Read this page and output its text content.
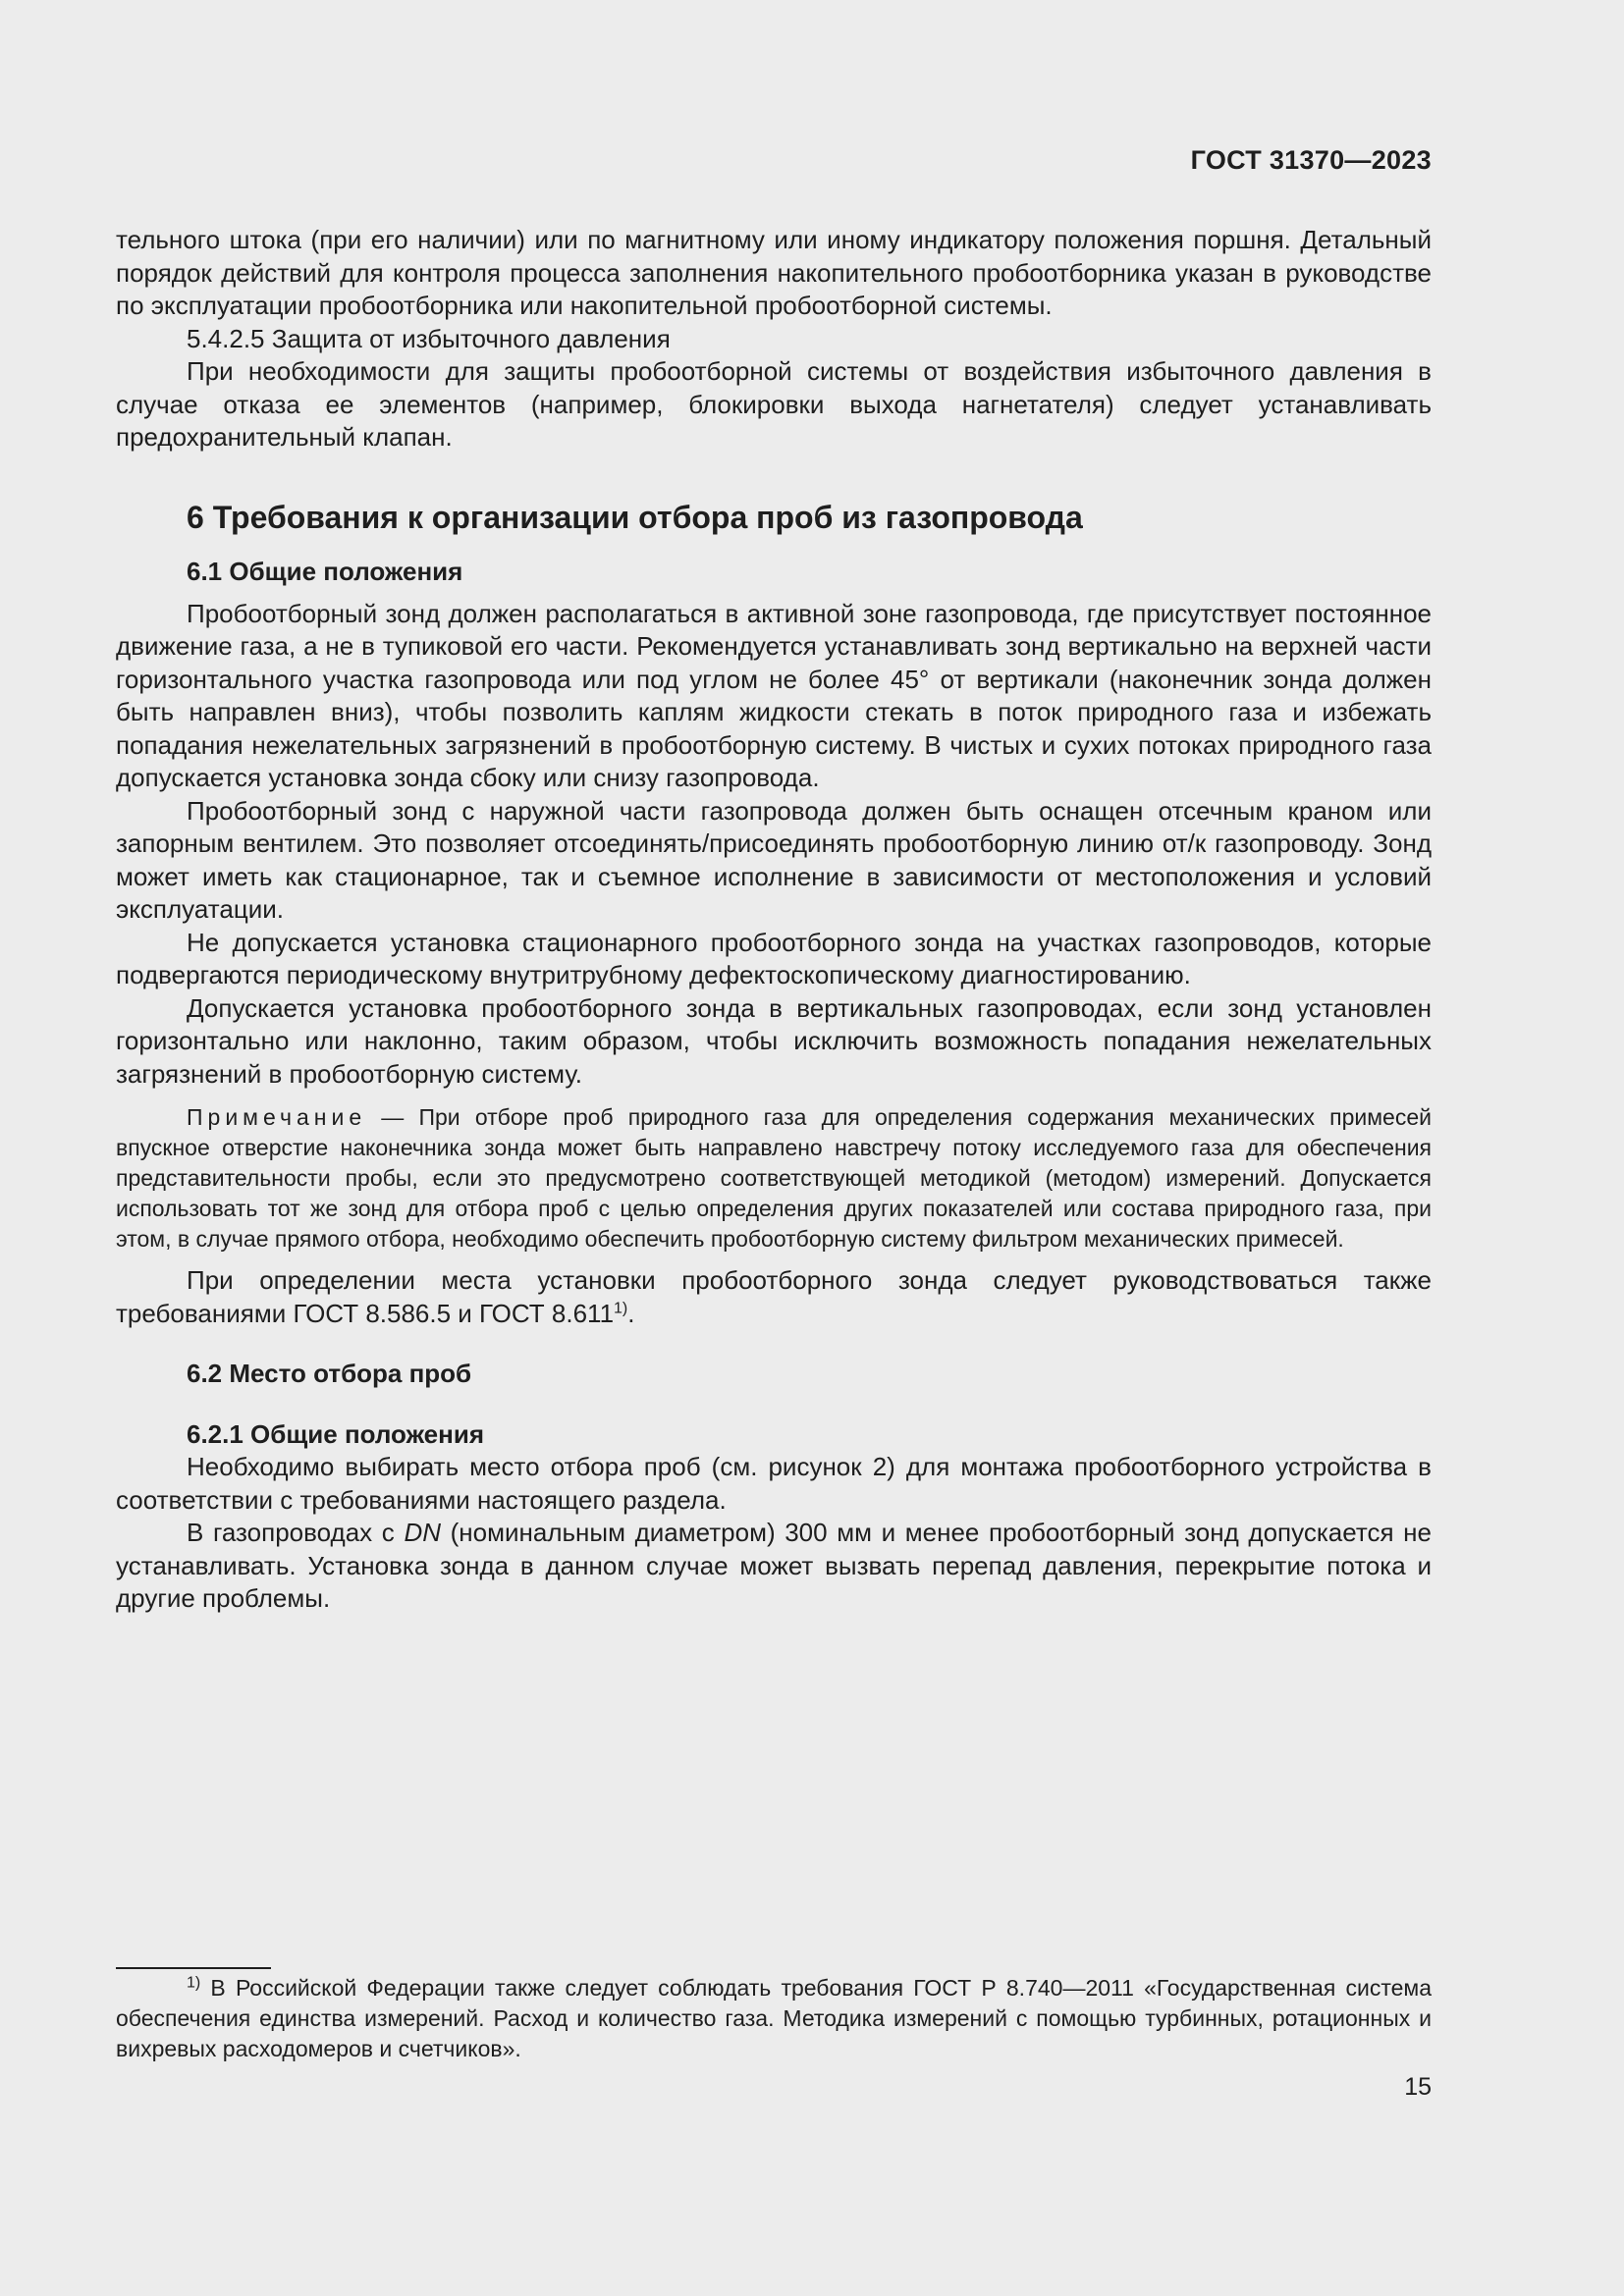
ГОСТ 31370—2023

тельного штока (при его наличии) или по магнитному или иному индикатору положения поршня. Детальный порядок действий для контроля процесса заполнения накопительного пробоотборника указан в руководстве по эксплуатации пробоотборника или накопительной пробоотборной системы.

5.4.2.5 Защита от избыточного давления

При необходимости для защиты пробоотборной системы от воздействия избыточного давления в случае отказа ее элементов (например, блокировки выхода нагнетателя) следует устанавливать предохранительный клапан.

6 Требования к организации отбора проб из газопровода
6.1 Общие положения

Пробоотборный зонд должен располагаться в активной зоне газопровода, где присутствует постоянное движение газа, а не в тупиковой его части. Рекомендуется устанавливать зонд вертикально на верхней части горизонтального участка газопровода или под углом не более 45° от вертикали (наконечник зонда должен быть направлен вниз), чтобы позволить каплям жидкости стекать в поток природного газа и избежать попадания нежелательных загрязнений в пробоотборную систему. В чистых и сухих потоках природного газа допускается установка зонда сбоку или снизу газопровода.

Пробоотборный зонд с наружной части газопровода должен быть оснащен отсечным краном или запорным вентилем. Это позволяет отсоединять/присоединять пробоотборную линию от/к газопроводу. Зонд может иметь как стационарное, так и съемное исполнение в зависимости от местоположения и условий эксплуатации.

Не допускается установка стационарного пробоотборного зонда на участках газопроводов, которые подвергаются периодическому внутритрубному дефектоскопическому диагностированию.

Допускается установка пробоотборного зонда в вертикальных газопроводах, если зонд установлен горизонтально или наклонно, таким образом, чтобы исключить возможность попадания нежелательных загрязнений в пробоотборную систему.

Примечание — При отборе проб природного газа для определения содержания механических примесей впускное отверстие наконечника зонда может быть направлено навстречу потоку исследуемого газа для обеспечения представительности пробы, если это предусмотрено соответствующей методикой (методом) измерений. Допускается использовать тот же зонд для отбора проб с целью определения других показателей или состава природного газа, при этом, в случае прямого отбора, необходимо обеспечить пробоотборную систему фильтром механических примесей.

При определении места установки пробоотборного зонда следует руководствоваться также требованиями ГОСТ 8.586.5 и ГОСТ 8.611$^{1)}$.

6.2 Место отбора проб
6.2.1 Общие положения

Необходимо выбирать место отбора проб (см. рисунок 2) для монтажа пробоотборного устройства в соответствии с требованиями настоящего раздела.

В газопроводах с DN (номинальным диаметром) 300 мм и менее пробоотборный зонд допускается не устанавливать. Установка зонда в данном случае может вызвать перепад давления, перекрытие потока и другие проблемы.

$^{1)}$ В Российской Федерации также следует соблюдать требования ГОСТ Р 8.740—2011 «Государственная система обеспечения единства измерений. Расход и количество газа. Методика измерений с помощью турбинных, ротационных и вихревых расходомеров и счетчиков».
15
